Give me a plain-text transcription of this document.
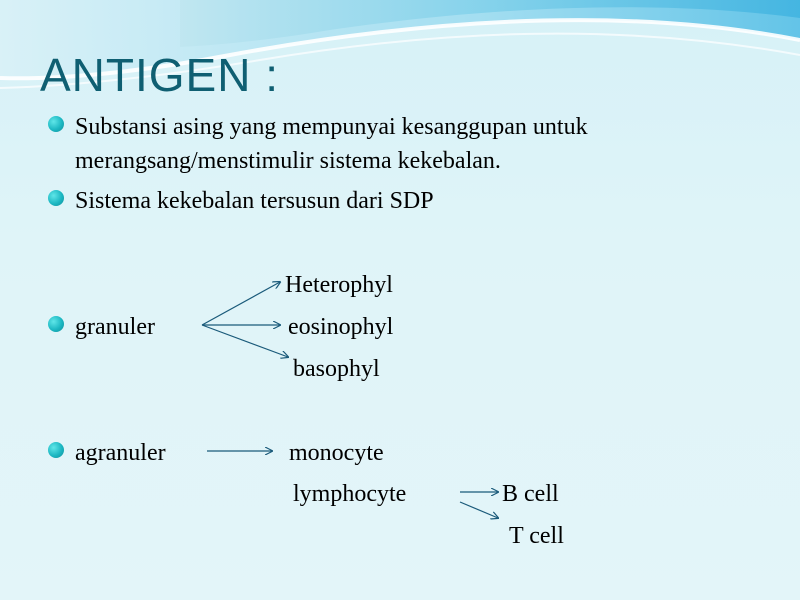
ANTIGEN :
Substansi asing yang mempunyai kesanggupan untuk
merangsang/menstimulir sistema kekebalan.
Sistema kekebalan tersusun dari SDP
Heterophyl
granuler	eosinophyl
basophyl
agranuler	monocyte
lymphocyte	B cell
T cell
